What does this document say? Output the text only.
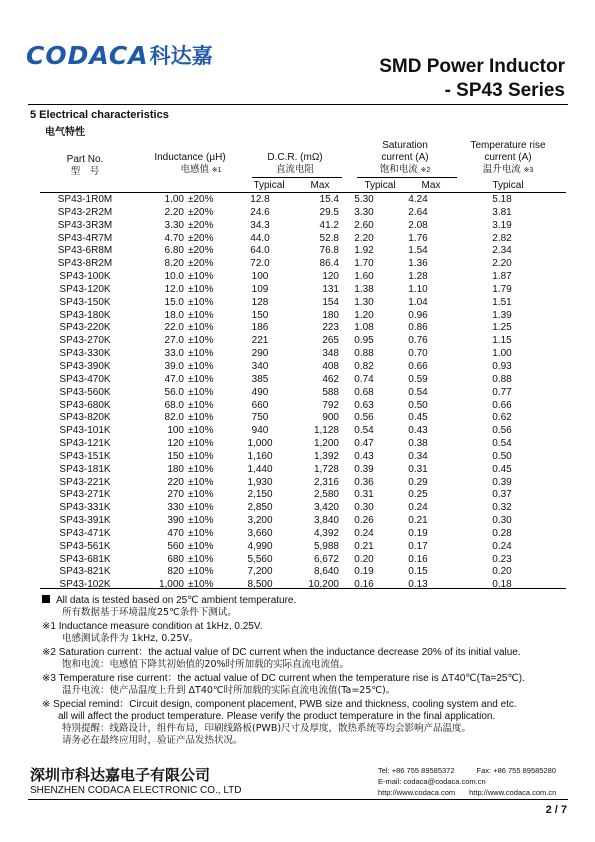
CODACA 科达嘉	SMD Power Inductor
- SP43 Series
5 Electrical characteristics
电气特性
Part No.
型　号
Inductance (µH)
电感值 ※1
D.C.R. (mΩ)
直流电阻
Typical	Max
Saturation
current (A)
饱和电流 ※2
Typical	Max
Temperature rise
current (A)
温升电流 ※3
Typical
SP43-1R0M	1.00	±20%	12.8	15.4	5.30	4.24	5.18
SP43-2R2M	2.20	±20%	24.6	29.5	3.30	2.64	3.81
SP43-3R3M	3.30	±20%	34.3	41.2	2.60	2.08	3.19
SP43-4R7M	4.70	±20%	44.0	52.8	2.20	1.76	2.82
SP43-6R8M	6.80	±20%	64.0	76.8	1.92	1.54	2.34
SP43-8R2M	8.20	±20%	72.0	86.4	1.70	1.36	2.20
SP43-100K	10.0	±10%	100	120	1.60	1.28	1.87
SP43-120K	12.0	±10%	109	131	1.38	1.10	1.79
SP43-150K	15.0	±10%	128	154	1.30	1.04	1.51
SP43-180K	18.0	±10%	150	180	1.20	0.96	1.39
SP43-220K	22.0	±10%	186	223	1.08	0.86	1.25
SP43-270K	27.0	±10%	221	265	0.95	0.76	1.15
SP43-330K	33.0	±10%	290	348	0.88	0.70	1.00
SP43-390K	39.0	±10%	340	408	0.82	0.66	0.93
SP43-470K	47.0	±10%	385	462	0.74	0.59	0.88
SP43-560K	56.0	±10%	490	588	0.68	0.54	0.77
SP43-680K	68.0	±10%	660	792	0.63	0.50	0.66
SP43-820K	82.0	±10%	750	900	0.56	0.45	0.62
SP43-101K	100	±10%	940	1,128	0.54	0.43	0.56
SP43-121K	120	±10%	1,000	1,200	0.47	0.38	0.54
SP43-151K	150	±10%	1,160	1,392	0.43	0.34	0.50
SP43-181K	180	±10%	1,440	1,728	0.39	0.31	0.45
SP43-221K	220	±10%	1,930	2,316	0.36	0.29	0.39
SP43-271K	270	±10%	2,150	2,580	0.31	0.25	0.37
SP43-331K	330	±10%	2,850	3,420	0.30	0.24	0.32
SP43-391K	390	±10%	3,200	3,840	0.26	0.21	0.30
SP43-471K	470	±10%	3,660	4,392	0.24	0.19	0.28
SP43-561K	560	±10%	4,990	5,988	0.21	0.17	0.24
SP43-681K	680	±10%	5,560	6,672	0.20	0.16	0.23
SP43-821K	820	±10%	7,200	8,640	0.19	0.15	0.20
SP43-102K	1,000	±10%	8,500	10,200	0.16	0.13	0.18
All data is tested based on 25℃ ambient temperature.
所有数据基于环境温度25℃条件下测试。
※1 Inductance measure condition at 1kHz, 0.25V.
电感测试条件为 1kHz, 0.25V。
※2 Saturation current：the actual value of DC current when the inductance decrease 20% of its initial value.
饱和电流：电感值下降其初始值的20%时所加载的实际直流电流值。
※3 Temperature rise current：the actual value of DC current when the temperature rise is ΔT40℃(Ta=25℃).
温升电流：使产品温度上升到 ΔT40℃时所加载的实际直流电流值(Ta=25℃)。
※ Special remind：Circuit design, component placement, PWB size and thickness, cooling system and etc.
all will affect the product temperature. Please verify the product temperature in the final application.
特別提醒：线路设计，组件布局，印刷线路板(PWB)尺寸及厚度，散热系统等均会影响产品温度。
请务必在最终应用时，验证产品发热状况。
深圳市科达嘉电子有限公司
SHENZHEN CODACA ELECTRONIC CO., LTD
Tel: +86 755 89585372	Fax: +86 755 89585280
E-mail: codaca@codaca.com.cn
http://www.codaca.com http://www.codaca.com.cn
2 / 7
